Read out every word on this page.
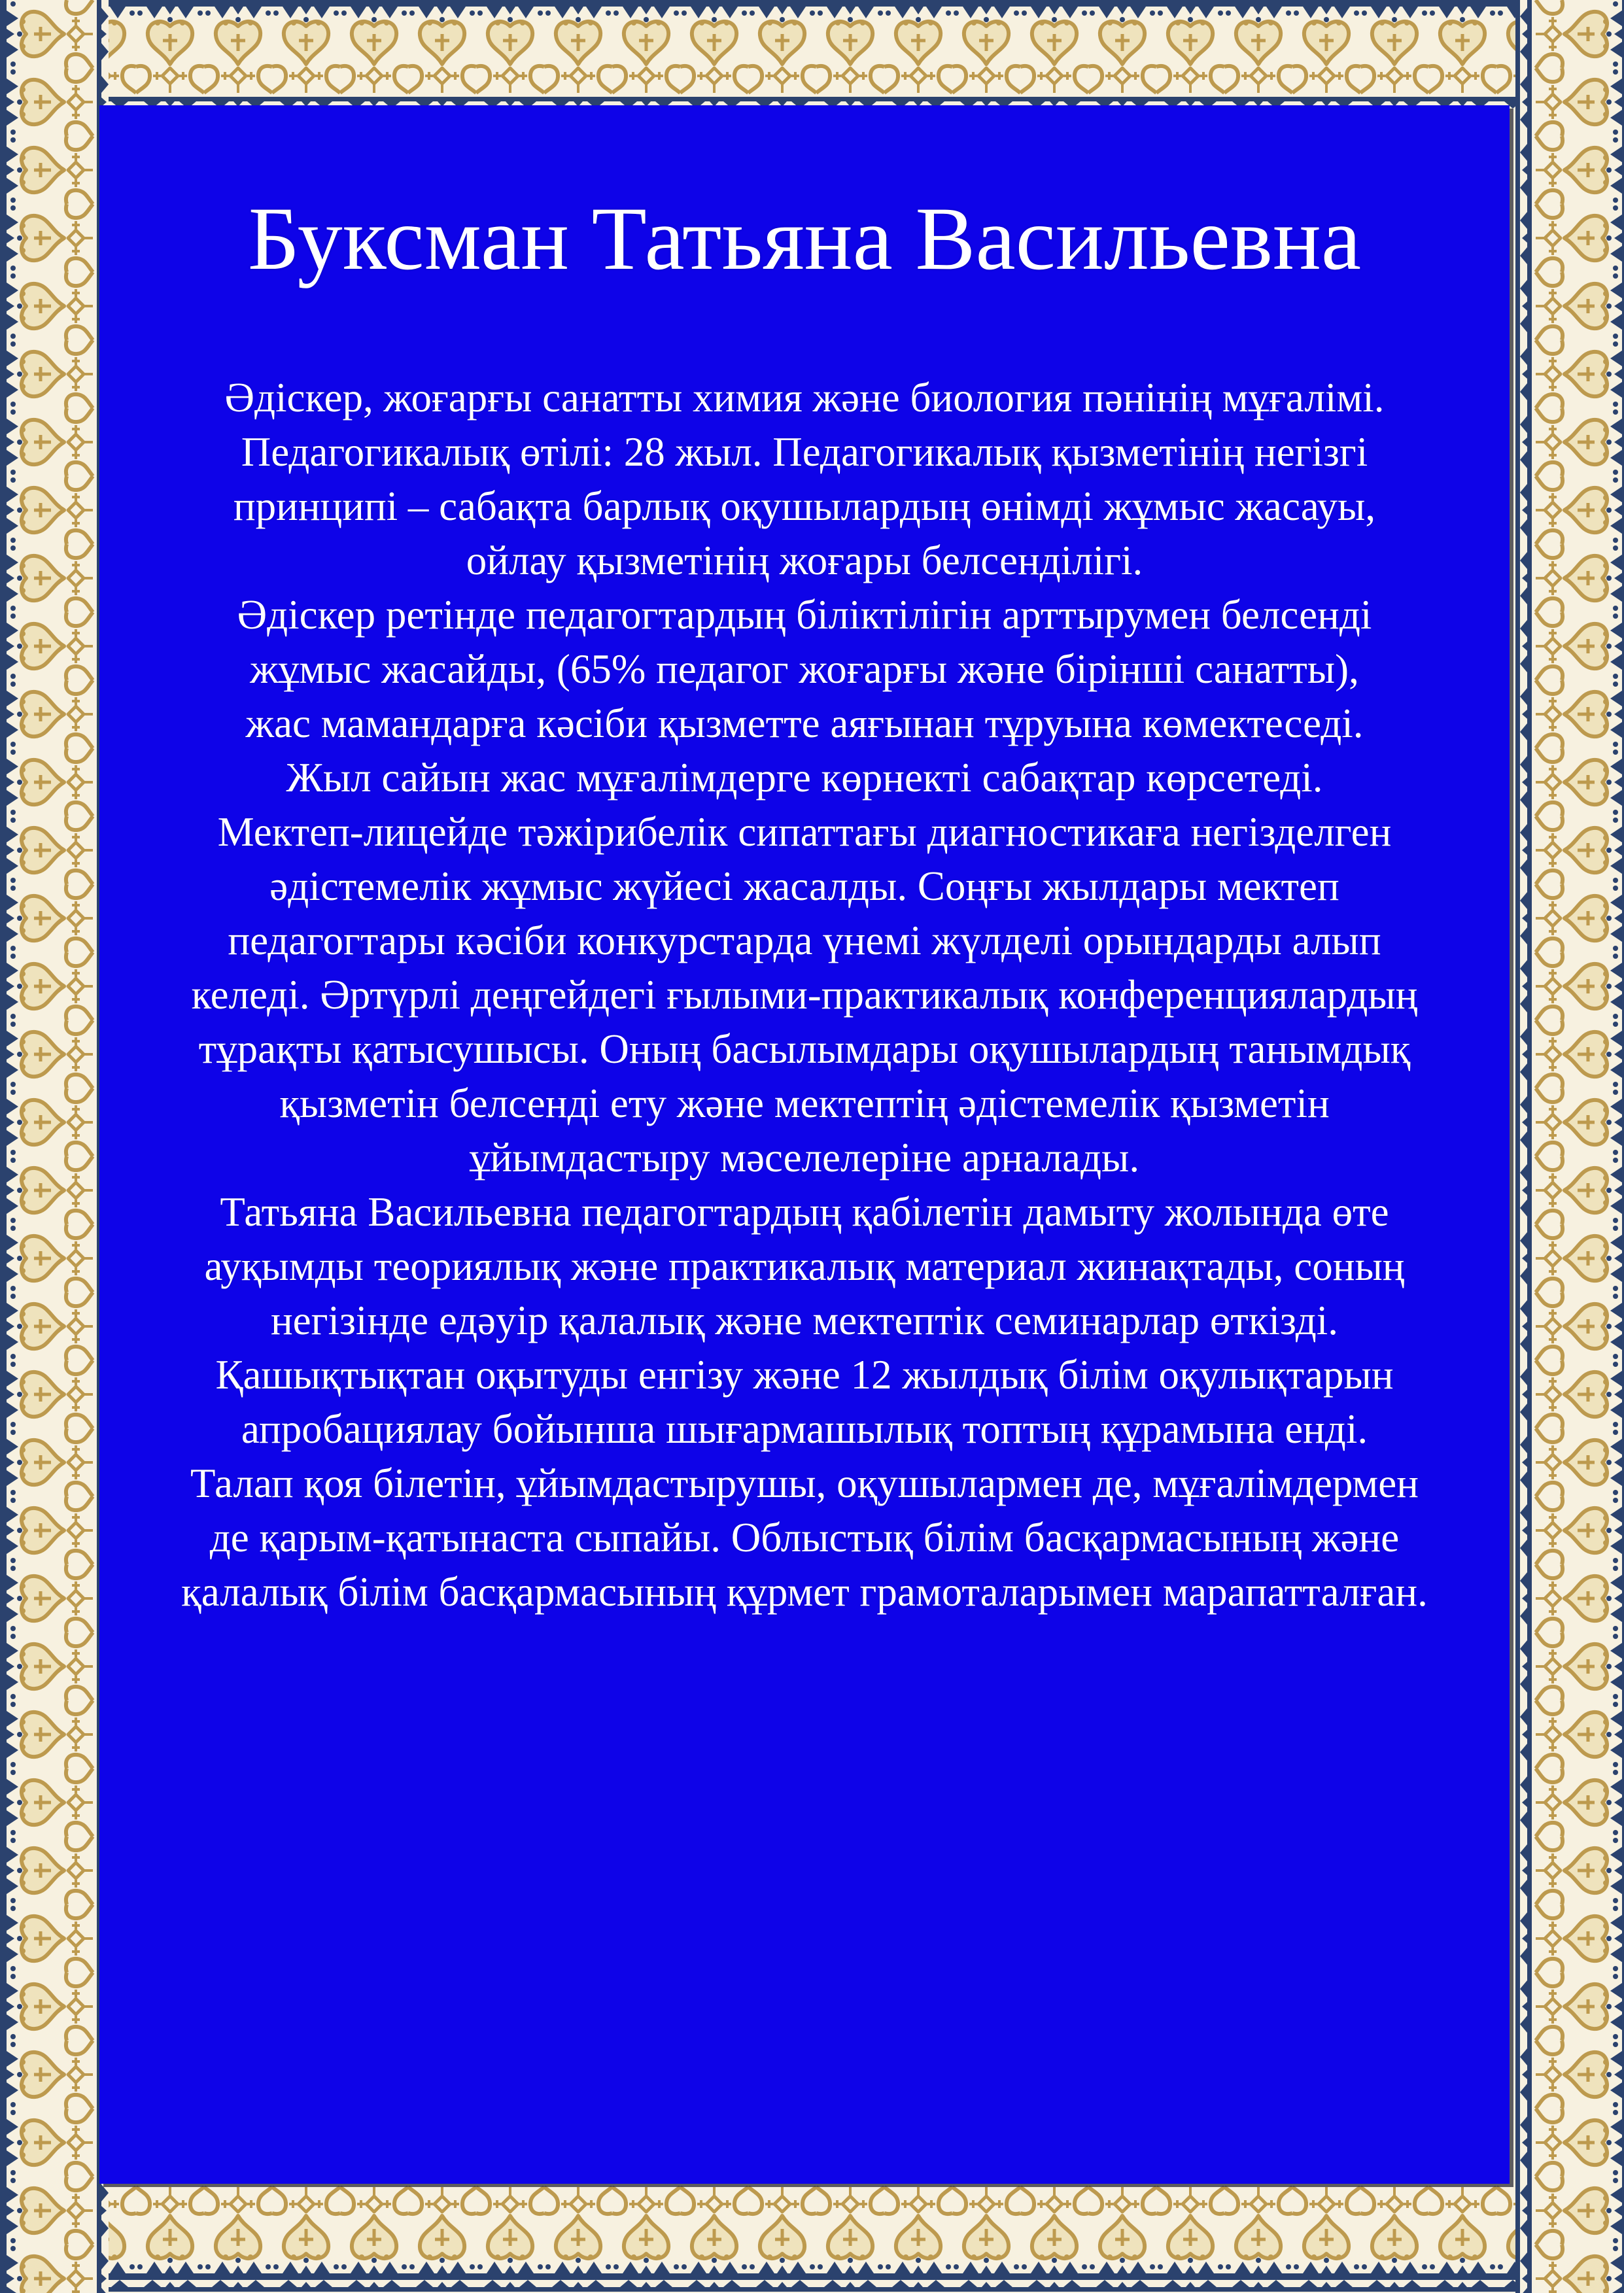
Буксман Татьяна Васильевна
Әдіскер, жоғарғы санатты химия және биология пәнінің мұғалімі.
Педагогикалық өтілі: 28 жыл. Педагогикалық қызметінің негізгі
принципі – сабақта барлық оқушылардың өнімді жұмыс жасауы,
ойлау қызметінің жоғары белсенділігі.
Әдіскер ретінде педагогтардың біліктілігін арттырумен белсенді
жұмыс жасайды, (65% педагог жоғарғы және бірінші санатты),
жас мамандарға кәсіби қызметте аяғынан тұруына көмектеседі.
Жыл сайын жас мұғалімдерге көрнекті сабақтар көрсетеді.
Мектеп-лицейде тәжірибелік сипаттағы диагностикаға негізделген
әдістемелік жұмыс жүйесі жасалды. Соңғы жылдары мектеп
педагогтары кәсіби конкурстарда үнемі жүлделі орындарды алып
келеді. Әртүрлі деңгейдегі ғылыми-практикалық конференциялардың
тұрақты қатысушысы. Оның басылымдары оқушылардың танымдық
қызметін белсенді ету және мектептің әдістемелік қызметін
ұйымдастыру мәселелеріне арналады.
Татьяна Васильевна педагогтардың қабілетін дамыту жолында өте
ауқымды теориялық және практикалық материал жинақтады, соның
негізінде едәуір қалалық және мектептік семинарлар өткізді.
Қашықтықтан оқытуды енгізу және 12 жылдық білім оқулықтарын
апробациялау бойынша шығармашылық топтың құрамына енді.
Талап қоя білетін, ұйымдастырушы, оқушылармен де, мұғалімдермен
де қарым-қатынаста сыпайы. Облыстық білім басқармасының және
қалалық білім басқармасының құрмет грамоталарымен марапатталған.
